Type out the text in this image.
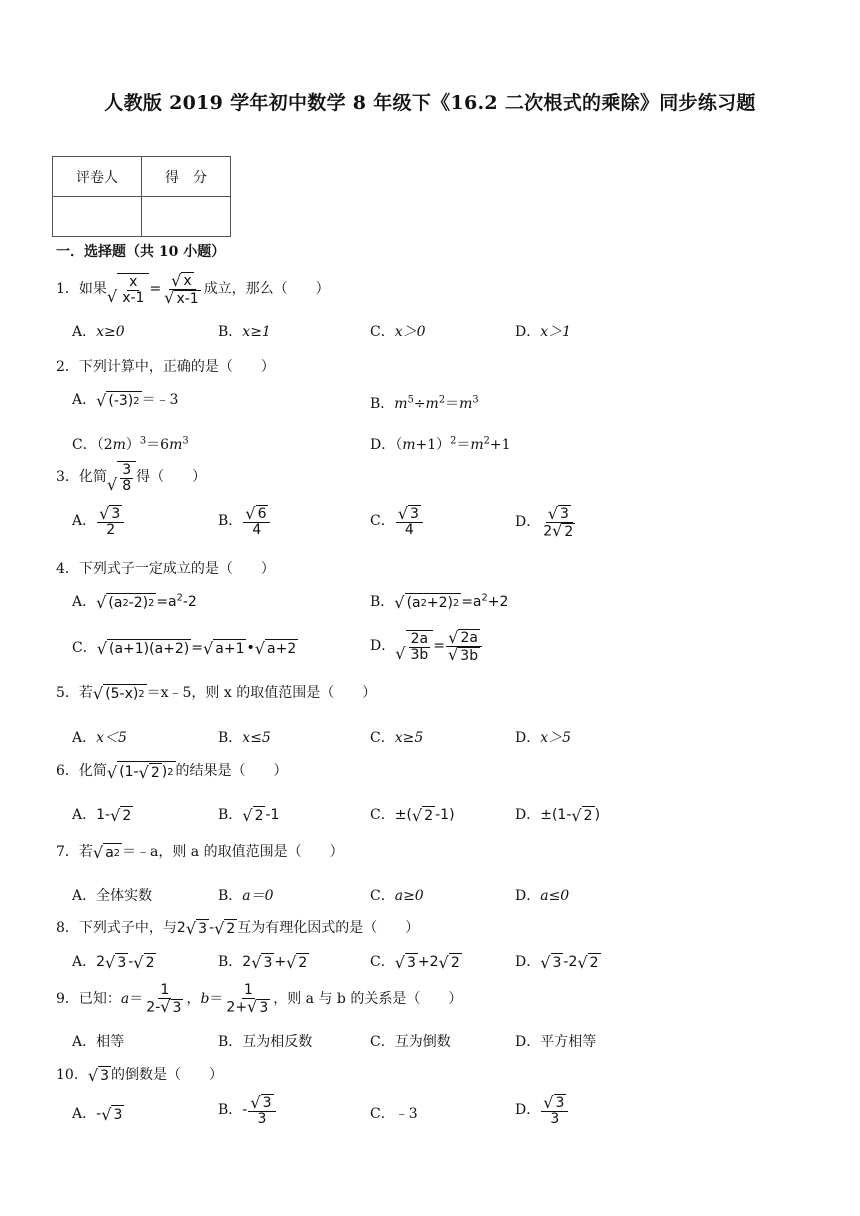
人教版 2019 学年初中数学 8 年级下《16.2 二次根式的乘除》同步练习题
评卷人	得　分

一．选择题（共 10 小题）
1．如果 √ $\frac{x}{x-1} = \frac{√ x}{√ x-1}$ 成立，那么（　　）
A．x≥0	B．x≥1	C．x＞0	D．x＞1
2．下列计算中，正确的是（　　）
A． √ (-3) 2 ＝﹣3	B．$m^5\div m^2=m^3$
C．$(2m)^3=6m^3$	D．$(m+1)^2=m^2+1$
3．化简 √ $\frac{3}{8}$ 得（　　）
A． $\frac{√ 3}{2}$	B． $\frac{√ 6}{4}$	C． $\frac{√ 3}{4}$	D． $\frac{√ 3}{2 √ 2}$
4．下列式子一定成立的是（　　）
A． √ (a 2 -2) $2 =a^2-2$	B． √ (a 2 +2) $2 =a^2+2$
C． √ (a+1)(a+2) = √ a+1 • √ a+2	D． √ $\frac{2a}{3b} = \frac{√ 2a}{√ 3b}$
5．若 √ (5-x) 2 ＝x﹣5，则 x 的取值范围是（　　）
A．x＜5	B．x≤5	C．x≥5	D．x＞5
6．化简 √ (1- √ 2 ) 2 的结果是（　　）
A．1- √ 2	B． √ 2 -1	C．±( √ 2 -1)	D．±(1- √ 2 )
7．若 √ a 2 ＝﹣a，则 a 的取值范围是（　　）
A．全体实数	B．a＝0	C．a≥0	D．a≤0
8．下列式子中，与2 √ 3 - √ 2 互为有理化因式的是（　　）
A．2 √ 3 - √ 2	B．2 √ 3 + √ 2	C． √ 3 +2 √ 2	D． √ 3 -2 √ 2
9．已知：$a= \frac{1}{2- √ 3}$ ，$b= \frac{1}{2+ √ 3}$ ，则 a 与 b 的关系是（　　）
A．相等	B．互为相反数	C．互为倒数	D．平方相等
10． √ 3 的倒数是（　　）
A．- √ 3	B．- $\frac{√ 3}{3}$	C．﹣3	D． $\frac{√ 3}{3}$
